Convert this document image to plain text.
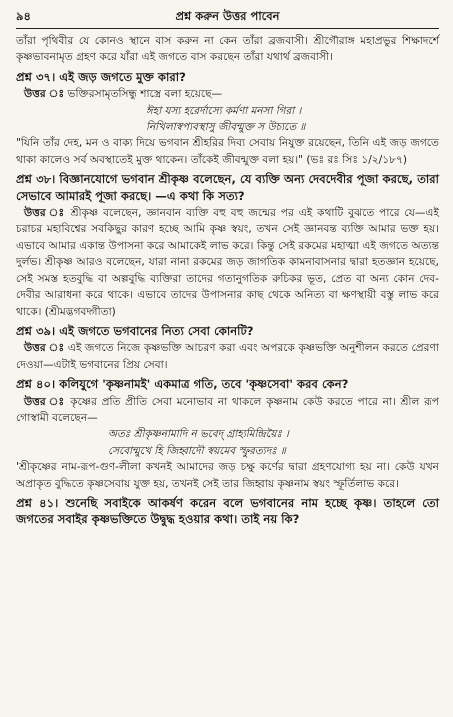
৯৪	প্রশ্ন করুন উত্তর পাবেন

তাঁরা পৃথিবীর যে কোনও স্থানে বাস করুন না কেন তাঁরা ব্রজবাসী। শ্রীগৌরাঙ্গ মহাপ্রভুর শিক্ষাদর্শে কৃষ্ণভাবনামৃত গ্রহণ করে যাঁরা এই জগতে বাস করছেন তাঁরা যথার্থ ব্রজবাসী।

প্রশ্ন ৩৭। এই জড় জগতে মুক্ত কারা?

উত্তর ঃ ভক্তিরসামৃতসিন্ধু শাস্ত্রে বলা হয়েছে—

ঈহা যস্য হরের্দাস্যে কর্মণা মনসা গিরা ।

নিখিলাস্বপ্যবস্থাসু জীবন্মুক্ত স উচ্যতে ॥

"যিনি তাঁর দেহ, মন ও বাক্য দিয়ে ভগবান শ্রীহরির দিব্য সেবায় নিযুক্ত রয়েছেন, তিনি এই জড় জগতে থাকা কালেও সর্ব অবস্থাতেই মুক্ত থাকেন। তাঁকেই জীবন্মুক্ত বলা হয়।" (ভঃ রঃ সিঃ ১/২/১৮৭)

প্রশ্ন ৩৮। বিজ্ঞানযোগে ভগবান শ্রীকৃষ্ণ বলেছেন, যে ব্যক্তি অন্য দেবদেবীর পূজা করছে, তারা সেভাবে আমারই পূজা করছে। —এ কথা কি সত্য?

উত্তর ঃ শ্রীকৃষ্ণ বলেছেন, জ্ঞানবান ব্যক্তি বহু বহু জন্মের পর এই কথাটি বুঝতে পারে যে—এই চরাচর মহাবিশ্বের সবকিছুর কারণ হচ্ছে আমি কৃষ্ণ স্বয়ং, তখন সেই জ্ঞানবন্ত ব্যক্তি আমার ভক্ত হয়। এভাবে আমার একান্ত উপাসনা করে আমাকেই লাভ করে। কিন্তু সেই রকমের মহাত্মা এই জগতে অত্যন্ত দুর্লভ। শ্রীকৃষ্ণ আরও বলেছেন, যারা নানা রকমের জড় জাগতিক কামনাবাসনার দ্বারা হতজ্ঞান হয়েছে, সেই সমস্ত হতবুদ্ধি বা অল্পবুদ্ধি ব্যক্তিরা তাদের গতানুগতিক রুচিকর ভূত, প্রেত বা অন্য কোন দেব-দেবীর আরাধনা করে থাকে। এভাবে তাদের উপাসনার কাছ থেকে অনিত্য বা ক্ষণস্থায়ী বস্তু লাভ করে থাকে। (শ্রীমদ্ভগবদ্গীতা)

প্রশ্ন ৩৯। এই জগতে ভগবানের নিত্য সেবা কোনটি?

উত্তর ঃ এই জগতে নিজে কৃষ্ণভক্তি আচরণ করা এবং অপরকে কৃষ্ণভক্তি অনুশীলন করতে প্রেরণা দেওয়া—এটাই ভগবানের প্রিয় সেবা।

প্রশ্ন ৪০। কলিযুগে 'কৃষ্ণনামই' একমাত্র গতি, তবে 'কৃষ্ণসেবা' করব কেন?

উত্তর ঃ কৃষ্ণের প্রতি প্রীতি সেবা মনোভাব না থাকলে কৃষ্ণনাম কেউ করতে পারে না। শ্রীল রূপ গোস্বামী বলেছেন—

অতঃ শ্রীকৃষ্ণনামাদি ন ভবেদ্ গ্রাহ্যমিন্দ্রিয়ৈঃ ।

সেবোন্মুখে হি জিহ্বাদৌ স্বয়মেব স্ফুরত্যদঃ ॥

'শ্রীকৃষ্ণের নাম-রূপ-গুণ-লীলা কখনই আমাদের জড় চক্ষু কর্ণের দ্বারা গ্রহণযোগ্য হয় না। কেউ যখন অপ্রাকৃত বুদ্ধিতে কৃষ্ণসেবায় যুক্ত হয়, তখনই সেই তার জিহ্বায় কৃষ্ণনাম স্বয়ং স্ফূর্তিলাভ করে।

প্রশ্ন ৪১। শুনেছি সবাইকে আকর্ষণ করেন বলে ভগবানের নাম হচ্ছে কৃষ্ণ। তাহলে তো জগতের সবাইর কৃষ্ণভক্তিতে উদ্বুদ্ধ হওয়ার কথা। তাই নয় কি?
